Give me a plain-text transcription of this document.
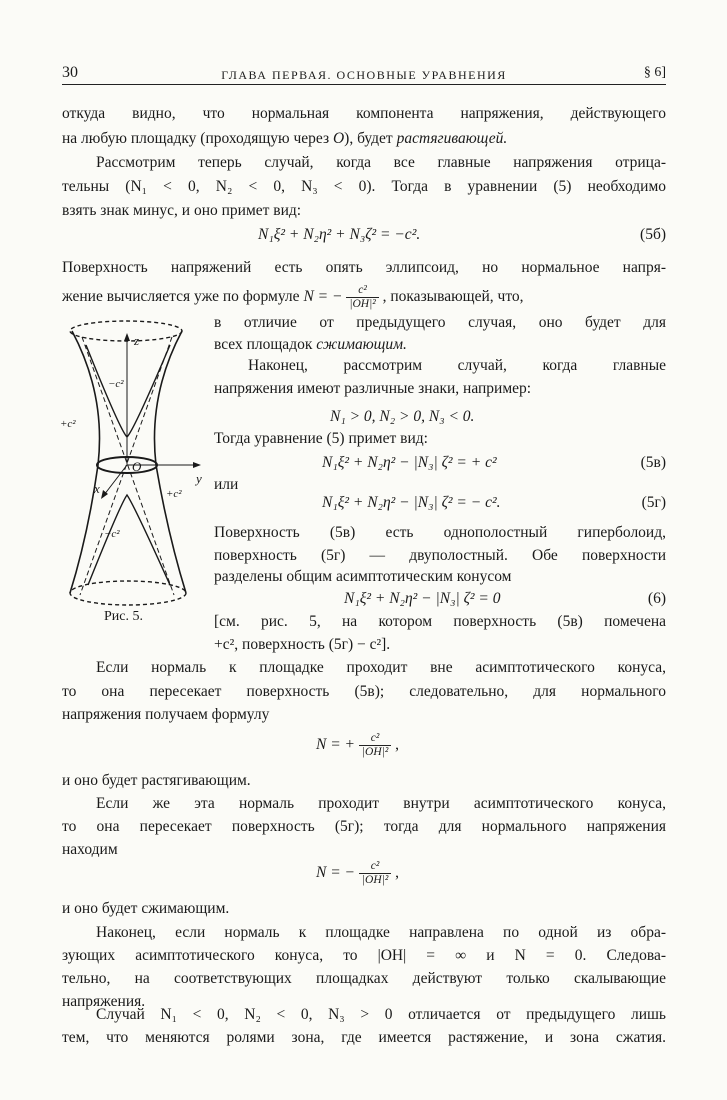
30	ГЛАВА ПЕРВАЯ. ОСНОВНЫЕ УРАВНЕНИЯ	§ 6]
откуда видно, что нормальная компонента напряжения, действующего
на любую площадку (проходящую через O), будет растягивающей.
Рассмотрим теперь случай, когда все главные напряжения отрица-
тельны (N₁ < 0, N₂ < 0, N₃ < 0). Тогда в уравнении (5) необходимо
взять знак минус, и оно примет вид:
N₁ξ² + N₂η² + N₃ζ² = −c².	(5б)
Поверхность напряжений есть опять эллипсоид, но нормальное напря-
жение вычисляется уже по формуле N = − $\frac{\text{c²}}{\text{|OH|²}}$ , показывающей, что,
в отличие от предыдущего случая, оно будет для
всех площадок сжимающим.
Наконец, рассмотрим случай, когда главные
напряжения имеют различные знаки, например:
N₁ > 0, N₂ > 0, N₃ < 0.
Тогда уравнение (5) примет вид:
N₁ξ² + N₂η² − |N₃| ζ² = + c²	(5в)
или
N₁ξ² + N₂η² − |N₃| ζ² = − c².	(5г)
Поверхность (5в) есть однополостный гиперболоид,
поверхность (5г) — двуполостный. Обе поверхности
разделены общим асимптотическим конусом
N₁ξ² + N₂η² − |N₃| ζ² = 0	(6)
[см. рис. 5, на котором поверхность (5в) помечена
+c², поверхность (5г) − c²].
z
y
x
O
−c²
+c²
+c²
−c²
Рис. 5.
Если нормаль к площадке проходит вне асимптотического конуса,
то она пересекает поверхность (5в); следовательно, для нормального
напряжения получаем формулу
N = + $\frac{\text{c²}}{\text{|OH|²}}$ ,
и оно будет растягивающим.
Если же эта нормаль проходит внутри асимптотического конуса,
то она пересекает поверхность (5г); тогда для нормального напряжения
находим
N = − $\frac{\text{c²}}{\text{|OH|²}}$ ,
и оно будет сжимающим.
Наконец, если нормаль к площадке направлена по одной из обра-
зующих асимптотического конуса, то |OH| = ∞ и N = 0. Следова-
тельно, на соответствующих площадках действуют только скалывающие
напряжения.
Случай N₁ < 0, N₂ < 0, N₃ > 0 отличается от предыдущего лишь
тем, что меняются ролями зона, где имеется растяжение, и зона сжатия.
